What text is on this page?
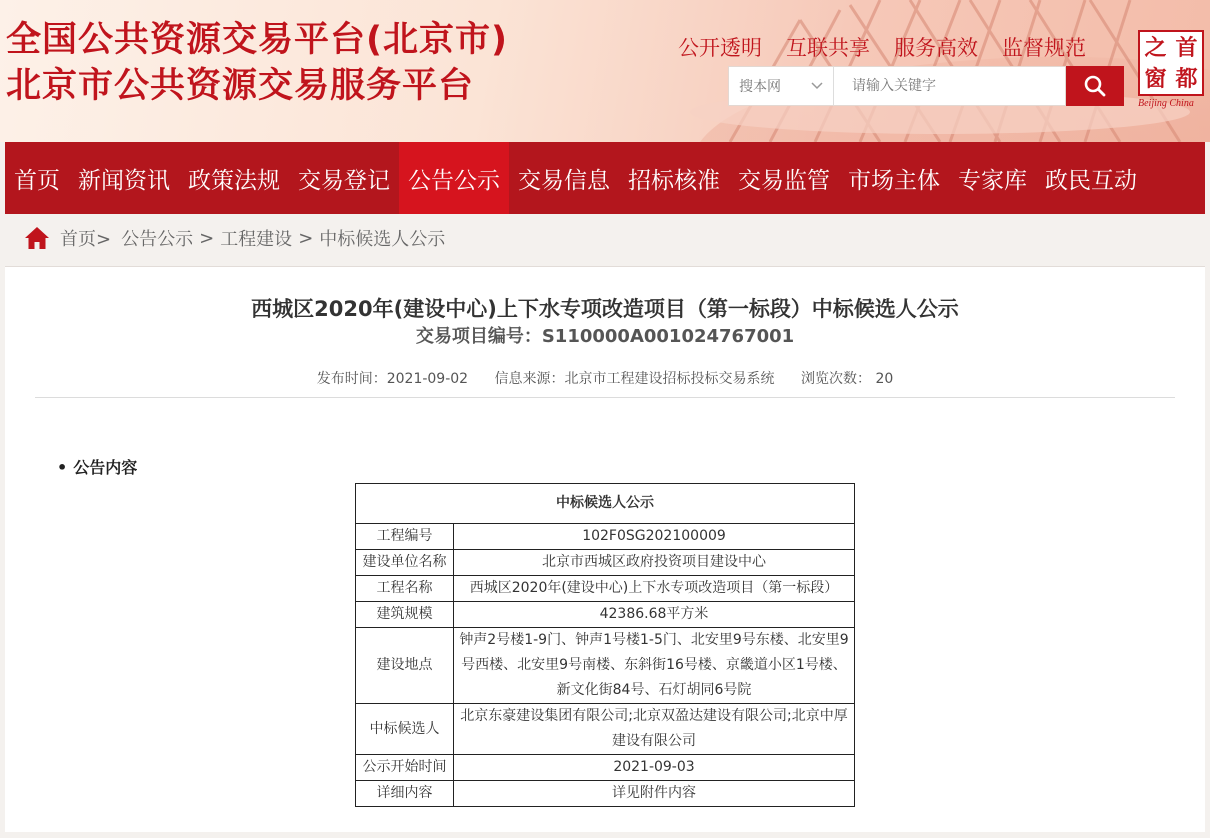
全国公共资源交易平台(北京市)
北京市公共资源交易服务平台
公开透明 互联共享 服务高效 监督规范
搜本网
请输入关键字
之 首
窗 都
Beijing China
首页 新闻资讯 政策法规 交易登记 公告公示 交易信息 招标核准 交易监管 市场主体 专家库 政民互动
首页> 公告公示 > 工程建设 > 中标候选人公示
西城区2020年(建设中心)上下水专项改造项目（第一标段）中标候选人公示
交易项目编号：S110000A001024767001
发布时间：2021-09-02 信息来源：北京市工程建设招标投标交易系统 浏览次数： 20
• 公告内容
中标候选人公示	
工程编号	102F0SG202100009
建设单位名称	北京市西城区政府投资项目建设中心
工程名称	西城区2020年(建设中心)上下水专项改造项目（第一标段）
建筑规模	42386.68平方米
建设地点	钟声2号楼1-9门、钟声1号楼1-5门、北安里9号东楼、北安里9号西楼、北安里9号南楼、东斜街16号楼、京畿道小区1号楼、新文化街84号、石灯胡同6号院
中标候选人	北京东豪建设集团有限公司;北京双盈达建设有限公司;北京中厚建设有限公司
公示开始时间	2021-09-03
详细内容	详见附件内容
